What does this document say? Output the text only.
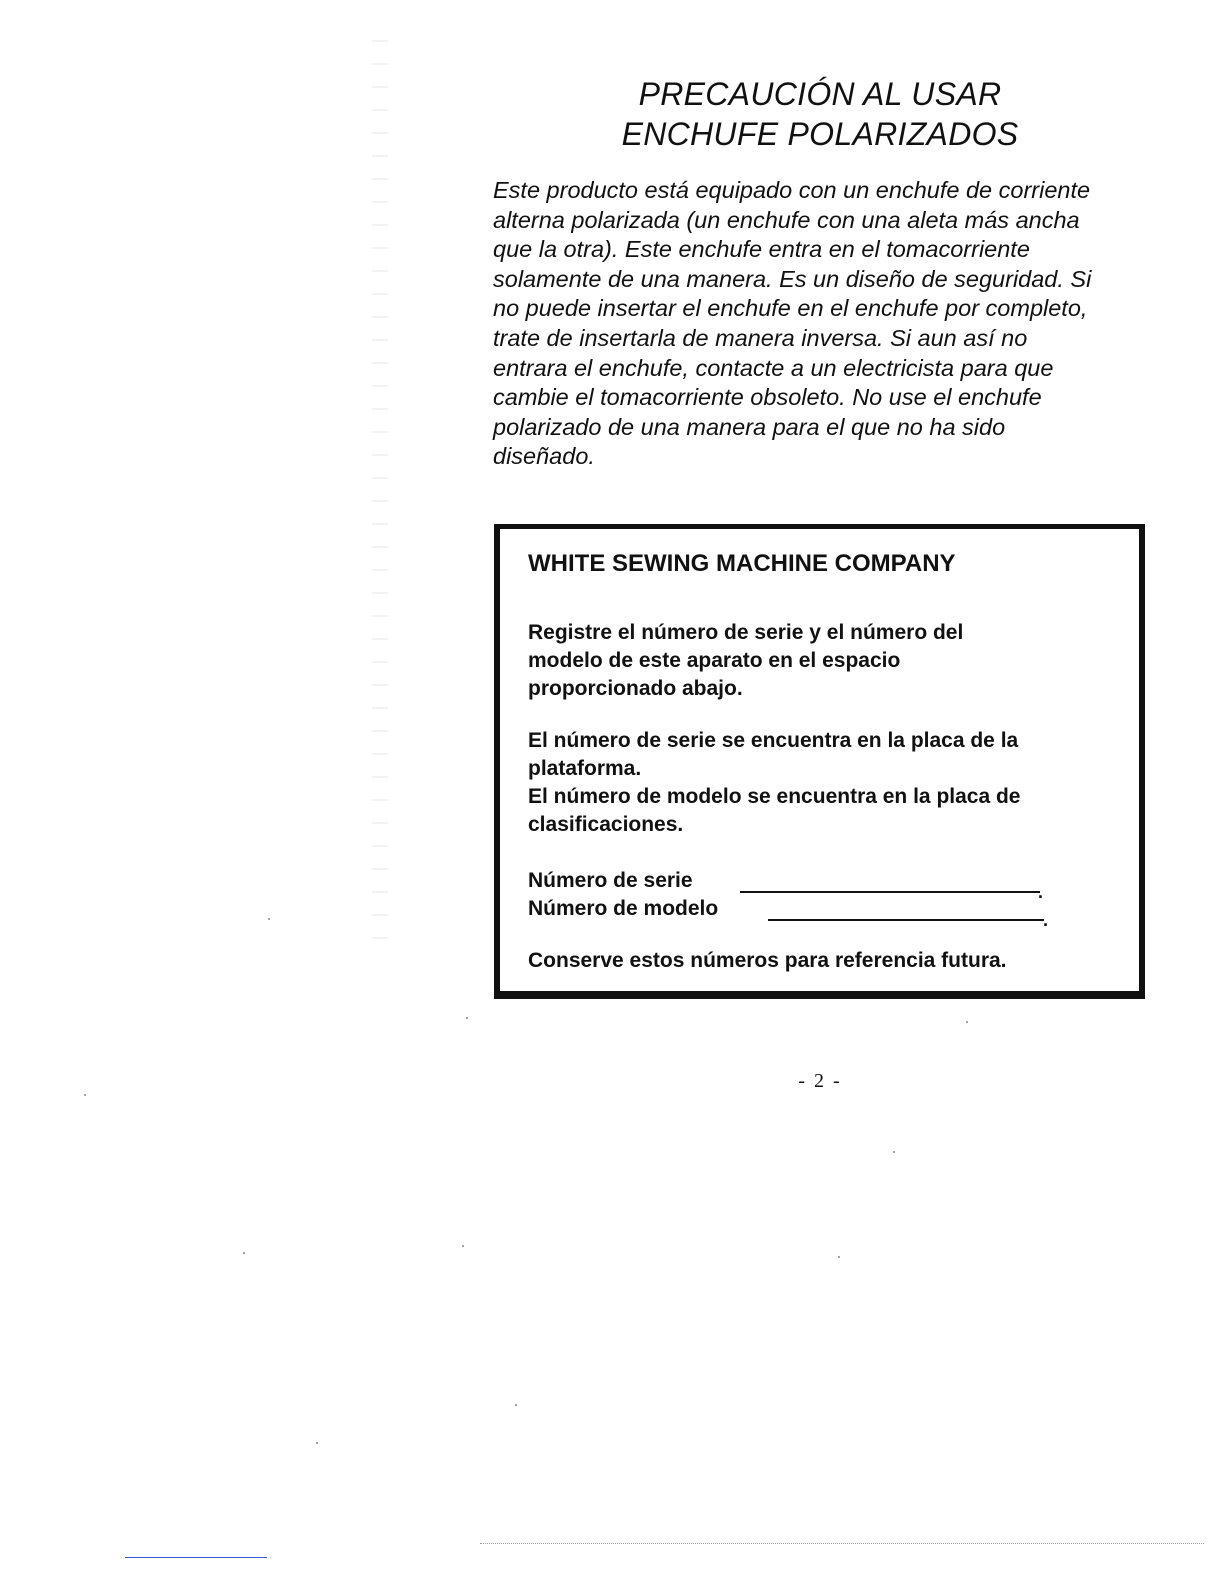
PRECAUCIÓN AL USAR
ENCHUFE POLARIZADOS

Este producto está equipado con un enchufe de corriente
alterna polarizada (un enchufe con una aleta más ancha
que la otra). Este enchufe entra en el tomacorriente
solamente de una manera. Es un diseño de seguridad. Si
no puede insertar el enchufe en el enchufe por completo,
trate de insertarla de manera inversa. Si aun así no
entrara el enchufe, contacte a un electricista para que
cambie el tomacorriente obsoleto. No use el enchufe
polarizado de una manera para el que no ha sido
diseñado.

WHITE SEWING MACHINE COMPANY

Registre el número de serie y el número del
modelo de este aparato en el espacio
proporcionado abajo.

El número de serie se encuentra en la placa de la
plataforma.
El número de modelo se encuentra en la placa de
clasificaciones.

Número de serie	.
Número de modelo	.

Conserve estos números para referencia futura.

- 2 -
